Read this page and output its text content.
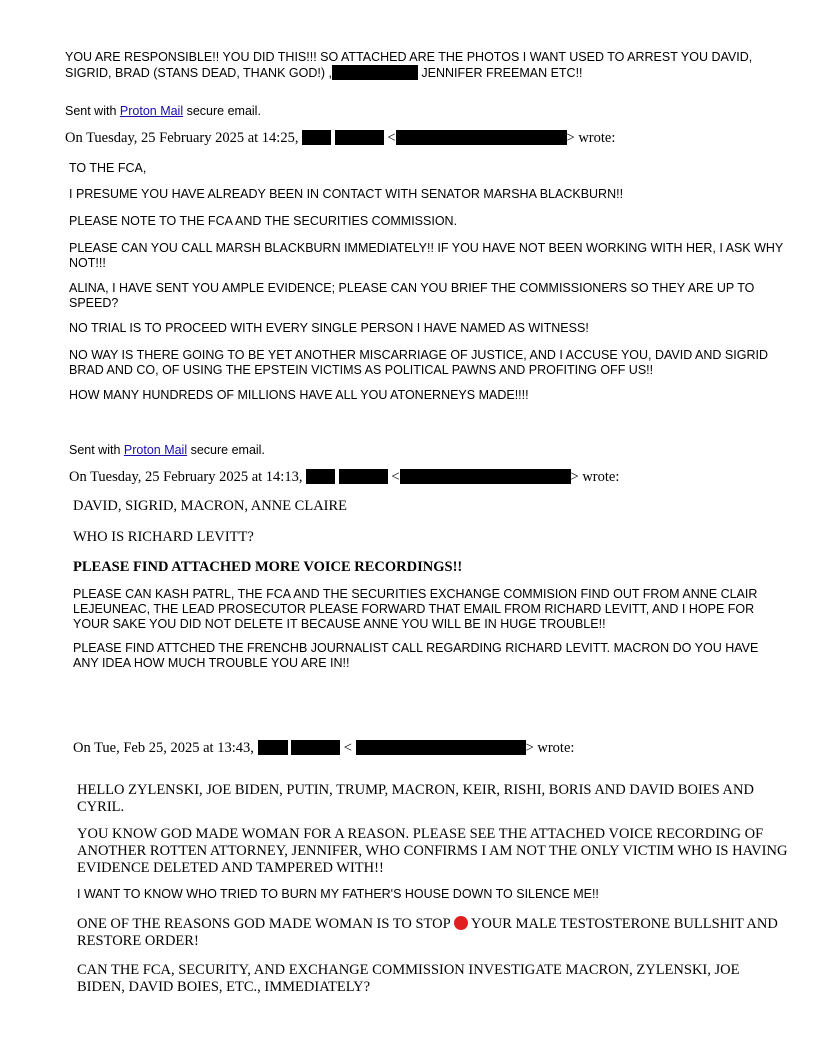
YOU ARE RESPONSIBLE!! YOU DID THIS!!! SO ATTACHED ARE THE PHOTOS I WANT USED TO ARREST YOU DAVID,
SIGRID, BRAD (STANS DEAD, THANK GOD!) ,	JENNIFER FREEMAN ETC!!
Sent with Proton Mail secure email.
On Tuesday, 25 February 2025 at 14:25,	<	> wrote:
TO THE FCA,
I PRESUME YOU HAVE ALREADY BEEN IN CONTACT WITH SENATOR MARSHA BLACKBURN!!
PLEASE NOTE TO THE FCA AND THE SECURITIES COMMISSION.
PLEASE CAN YOU CALL MARSH BLACKBURN IMMEDIATELY!! IF YOU HAVE NOT BEEN WORKING WITH HER, I ASK WHY
NOT!!!
ALINA, I HAVE SENT YOU AMPLE EVIDENCE; PLEASE CAN YOU BRIEF THE COMMISSIONERS SO THEY ARE UP TO
SPEED?
NO TRIAL IS TO PROCEED WITH EVERY SINGLE PERSON I HAVE NAMED AS WITNESS!
NO WAY IS THERE GOING TO BE YET ANOTHER MISCARRIAGE OF JUSTICE, AND I ACCUSE YOU, DAVID AND SIGRID
BRAD AND CO, OF USING THE EPSTEIN VICTIMS AS POLITICAL PAWNS AND PROFITING OFF US!!
HOW MANY HUNDREDS OF MILLIONS HAVE ALL YOU ATONERNEYS MADE!!!!
Sent with Proton Mail secure email.
On Tuesday, 25 February 2025 at 14:13,	<	> wrote:
DAVID, SIGRID, MACRON, ANNE CLAIRE
WHO IS RICHARD LEVITT?
PLEASE FIND ATTACHED MORE VOICE RECORDINGS!!
PLEASE CAN KASH PATRL, THE FCA AND THE SECURITIES EXCHANGE COMMISION FIND OUT FROM ANNE CLAIR
LEJEUNEAC, THE LEAD PROSECUTOR PLEASE FORWARD THAT EMAIL FROM RICHARD LEVITT, AND I HOPE FOR
YOUR SAKE YOU DID NOT DELETE IT BECAUSE ANNE YOU WILL BE IN HUGE TROUBLE!!
PLEASE FIND ATTCHED THE FRENCHB JOURNALIST CALL REGARDING RICHARD LEVITT. MACRON DO YOU HAVE
ANY IDEA HOW MUCH TROUBLE YOU ARE IN!!
On Tue, Feb 25, 2025 at 13:43,	<	> wrote:
HELLO ZYLENSKI, JOE BIDEN, PUTIN, TRUMP, MACRON, KEIR, RISHI, BORIS AND DAVID BOIES AND
CYRIL.
YOU KNOW GOD MADE WOMAN FOR A REASON. PLEASE SEE THE ATTACHED VOICE RECORDING OF
ANOTHER ROTTEN ATTORNEY, JENNIFER, WHO CONFIRMS I AM NOT THE ONLY VICTIM WHO IS HAVING
EVIDENCE DELETED AND TAMPERED WITH!!
I WANT TO KNOW WHO TRIED TO BURN MY FATHER'S HOUSE DOWN TO SILENCE ME!!
ONE OF THE REASONS GOD MADE WOMAN IS TO STOP  YOUR MALE TESTOSTERONE BULLSHIT AND
RESTORE ORDER!
CAN THE FCA, SECURITY, AND EXCHANGE COMMISSION INVESTIGATE MACRON, ZYLENSKI, JOE
BIDEN, DAVID BOIES, ETC., IMMEDIATELY?
